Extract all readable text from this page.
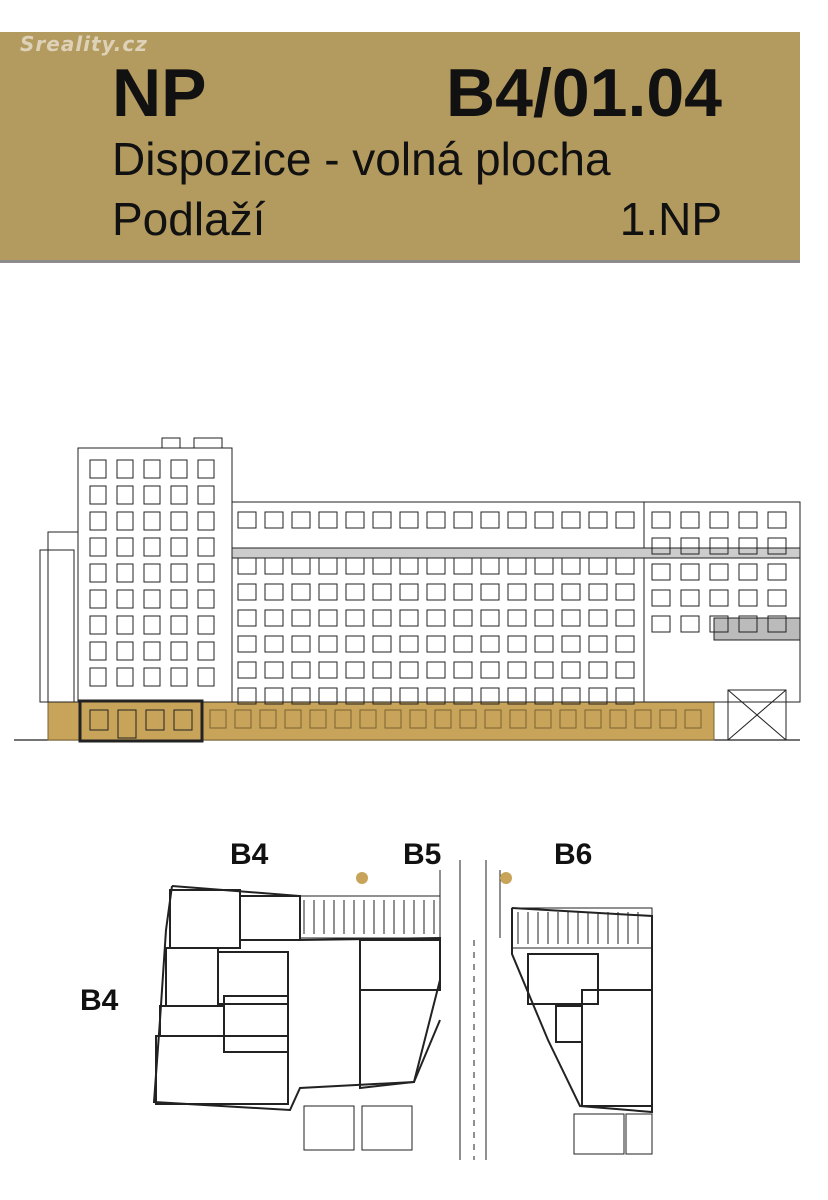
Sreality.cz
NP	B4/01.04
Dispozice - volná plocha
Podlaží	1.NP
B4	B5	B6
B4
